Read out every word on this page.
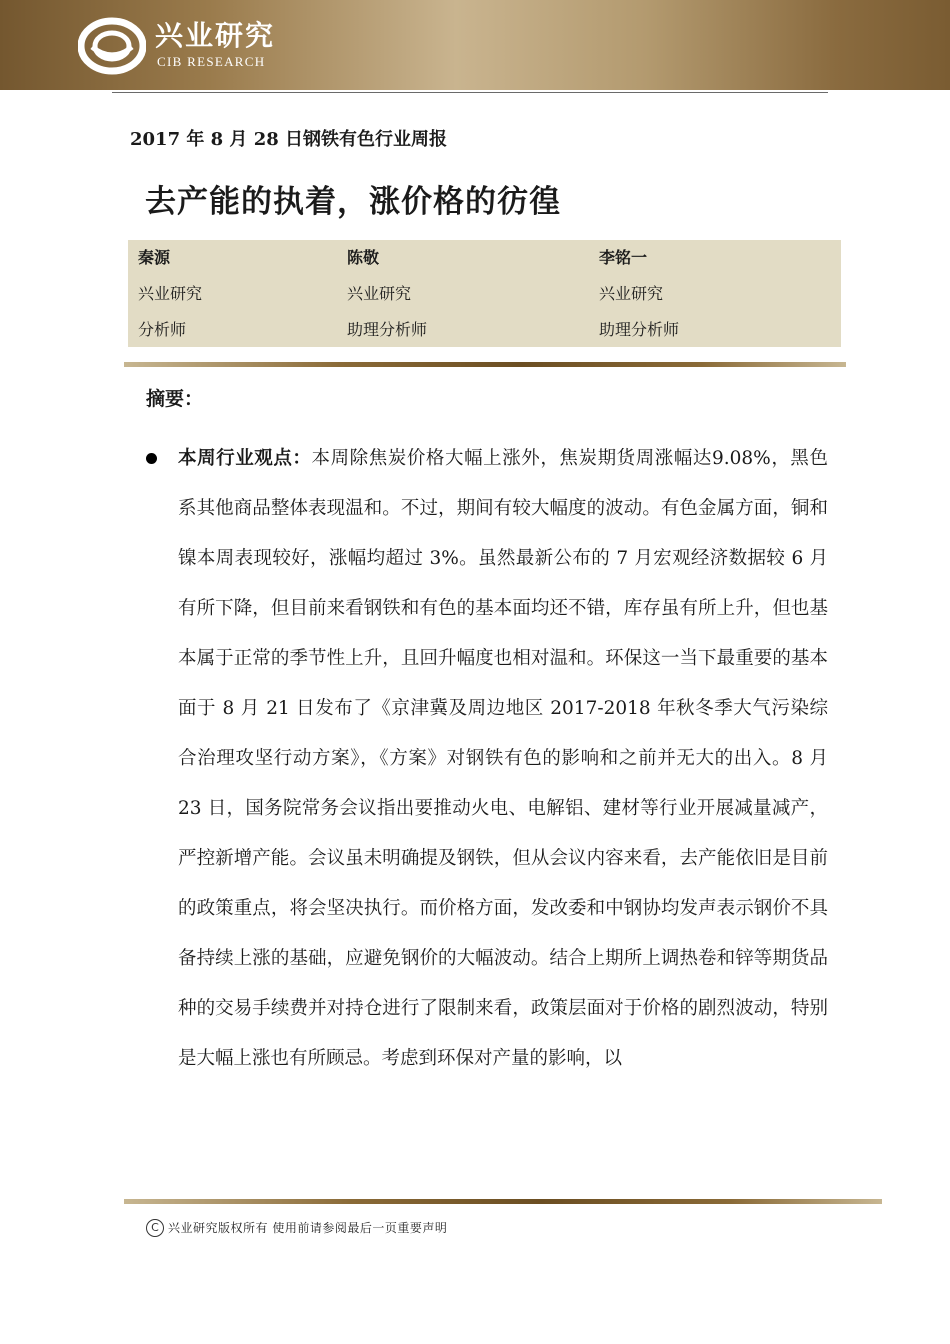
兴业研究
CIB RESEARCH
2017 年 8 月 28 日钢铁有色行业周报
去产能的执着，涨价格的彷徨
秦源
兴业研究
分析师
陈敬
兴业研究
助理分析师
李铭一
兴业研究
助理分析师
摘要：
本周行业观点：本周除焦炭价格大幅上涨外，焦炭期货周涨幅达9.08%，黑色系其他商品整体表现温和。不过，期间有较大幅度的波动。有色金属方面，铜和镍本周表现较好，涨幅均超过 3%。虽然最新公布的 7 月宏观经济数据较 6 月有所下降，但目前来看钢铁和有色的基本面均还不错，库存虽有所上升，但也基本属于正常的季节性上升，且回升幅度也相对温和。环保这一当下最重要的基本面于 8 月 21 日发布了《京津冀及周边地区 2017-2018 年秋冬季大气污染综合治理攻坚行动方案》，《方案》对钢铁有色的影响和之前并无大的出入。8 月 23 日，国务院常务会议指出要推动火电、电解铝、建材等行业开展减量减产，严控新增产能。会议虽未明确提及钢铁，但从会议内容来看，去产能依旧是目前的政策重点，将会坚决执行。而价格方面，发改委和中钢协均发声表示钢价不具备持续上涨的基础，应避免钢价的大幅波动。结合上期所上调热卷和锌等期货品种的交易手续费并对持仓进行了限制来看，政策层面对于价格的剧烈波动，特别是大幅上涨也有所顾忌。考虑到环保对产量的影响，以
C 兴业研究版权所有 使用前请参阅最后一页重要声明
